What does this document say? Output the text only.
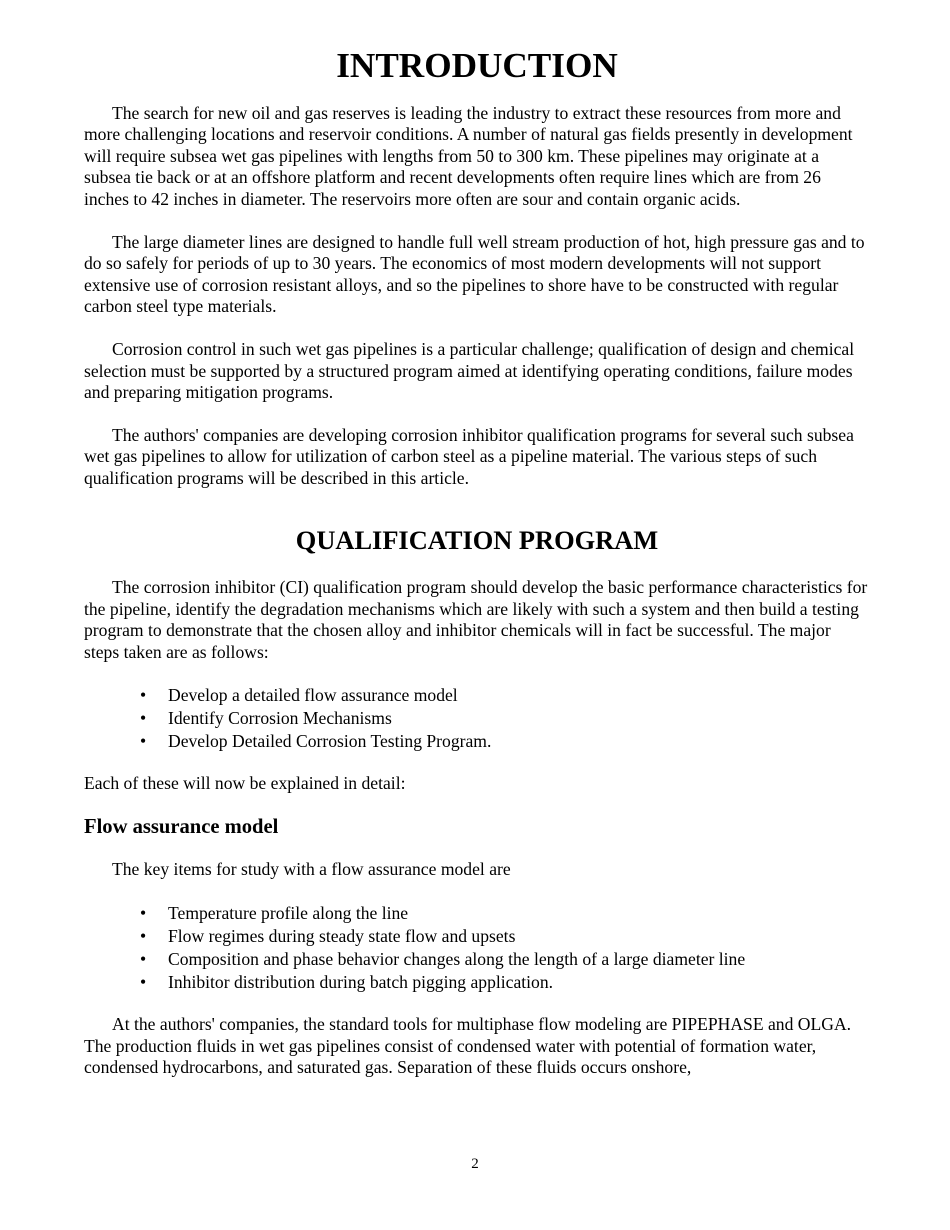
INTRODUCTION

The search for new oil and gas reserves is leading the industry to extract these resources from more and more challenging locations and reservoir conditions. A number of natural gas fields presently in development will require subsea wet gas pipelines with lengths from 50 to 300 km. These pipelines may originate at a subsea tie back or at an offshore platform and recent developments often require lines which are from 26 inches to 42 inches in diameter. The reservoirs more often are sour and contain organic acids.

The large diameter lines are designed to handle full well stream production of hot, high pressure gas and to do so safely for periods of up to 30 years. The economics of most modern developments will not support extensive use of corrosion resistant alloys, and so the pipelines to shore have to be constructed with regular carbon steel type materials.

Corrosion control in such wet gas pipelines is a particular challenge; qualification of design and chemical selection must be supported by a structured program aimed at identifying operating conditions, failure modes and preparing mitigation programs.

The authors' companies are developing corrosion inhibitor qualification programs for several such subsea wet gas pipelines to allow for utilization of carbon steel as a pipeline material. The various steps of such qualification programs will be described in this article.

QUALIFICATION PROGRAM

The corrosion inhibitor (CI) qualification program should develop the basic performance characteristics for the pipeline, identify the degradation mechanisms which are likely with such a system and then build a testing program to demonstrate that the chosen alloy and inhibitor chemicals will in fact be successful. The major steps taken are as follows:

• Develop a detailed flow assurance model
• Identify Corrosion Mechanisms
• Develop Detailed Corrosion Testing Program.

Each of these will now be explained in detail:

Flow assurance model

The key items for study with a flow assurance model are

• Temperature profile along the line
• Flow regimes during steady state flow and upsets
• Composition and phase behavior changes along the length of a large diameter line
• Inhibitor distribution during batch pigging application.

At the authors' companies, the standard tools for multiphase flow modeling are PIPEPHASE and OLGA. The production fluids in wet gas pipelines consist of condensed water with potential of formation water, condensed hydrocarbons, and saturated gas. Separation of these fluids occurs onshore,

2
